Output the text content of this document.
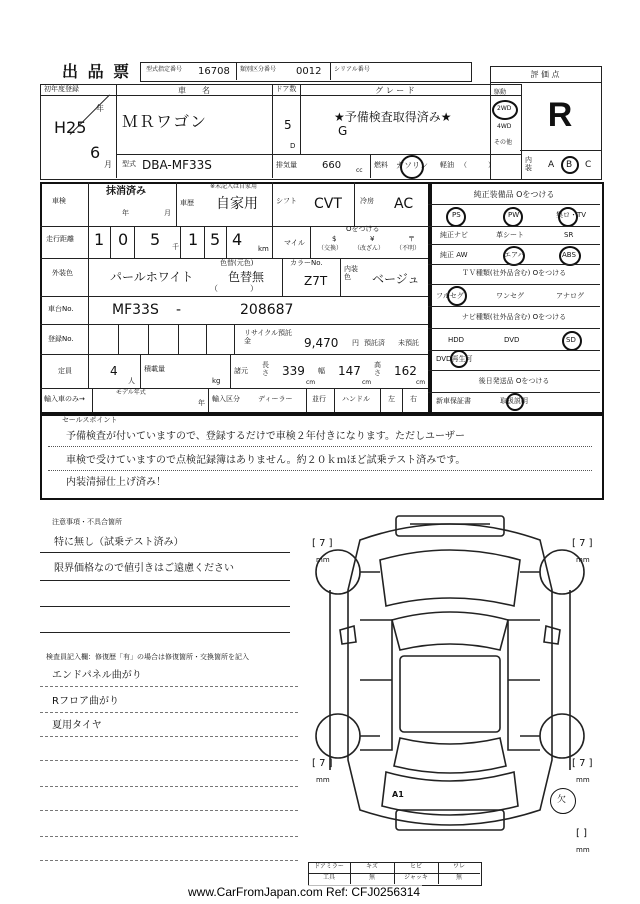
出 品 票 型式指定番号 16708 類別区分番号 0012 シリアル番号
評 価 点
R
内装	A B C
初年度登録
年
H25
6
月
車　　名
ＭＲワゴン
ドア数
5
D
グ レ ー ド
★予備検査取得済み★
G
駆動
2WD
4WD
その他
型式 DBA-MF33S	排気量	660 cc
燃料 ガソリン 軽油 （　　　）
車検
抹消済み
年	月
※未記入は自家用
車歴 自家用	シフト CVT	冷房 AC
走行距離 1 0 5 千 1 5 4 km
マイル
Oをつける
$
（交換）
¥
（改ざん）
〒
（不明）
外装色	パールホワイト
色替(元色)
色替無
（　　　　）
カラーNo.
Z7T
内装色	ベージュ
車台No.	MF33S -	208687
登録No.
リサイクル預託金	9,470 円 預託済 未預託
定員	4
人
積載量
kg
諸元
長さ 339
cm
幅 147
cm
高さ 162
cm
輸入車のみ→
モデル年式
年 輸入区分	ディーラー	並行 ハンドル	左 右
純正装備品 Oをつける
PS	PW	集ロ・TV
純正ナビ	革シート	SR
純正 AW	エアバ	ABS
ＴＶ種類(社外品含む) Oをつける
フルセグ	ワンセグ	アナログ
ナビ種類(社外品含む) Oをつける
HDD	DVD	SD
DVD再生可
後日発送品 Oをつける
新車保証書	取扱説明
セールスポイント
予備検査が付いていますので、登録するだけで車検２年付きになります。ただしユーザー
車検で受けていますので点検記録簿はありません。約２０ｋｍほど試乗テスト済みです。
内装清掃仕上げ済み！
注意事項・不具合箇所
特に無し（試乗テスト済み）
限界価格なので値引きはご遠慮ください
検査員記入欄：修復歴「有」の場合は修復箇所・交換箇所を記入
エンドパネル曲がり
Rフロア曲がり
夏用タイヤ
[ 7 ]
mm
[ 7 ]
mm
[ 7 ]
mm
[ 7 ]
mm
[ ]
mm
A1
欠
ドアミラー	キズ	ヒビ	ワレ
工具	無	ジャッキ	無
www.CarFromJapan.com Ref: CFJ0256314
